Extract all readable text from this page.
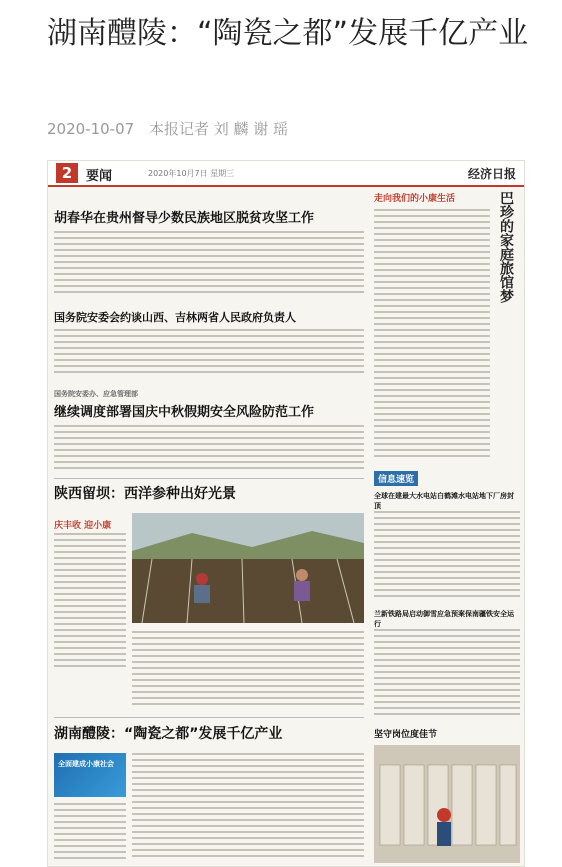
湖南醴陵：“陶瓷之都”发展千亿产业
2020-10-07 本报记者 刘 麟 谢 瑶
2	要闻	2020年10月7日 星期三	经济日报
胡春华在贵州督导少数民族地区脱贫攻坚工作
国务院安委会约谈山西、吉林两省人民政府负责人
国务院安委办、应急管理部
继续调度部署国庆中秋假期安全风险防范工作
陕西留坝：西洋参种出好光景
庆丰收 迎小康
湖南醴陵：“陶瓷之都”发展千亿产业
全面建成小康社会
走向我们的小康生活	巴珍的家庭旅馆梦
信息速览
全球在建最大水电站白鹤滩水电站地下厂房封顶
兰新铁路局启动御雪应急预案保南疆铁安全运行
坚守岗位度佳节
